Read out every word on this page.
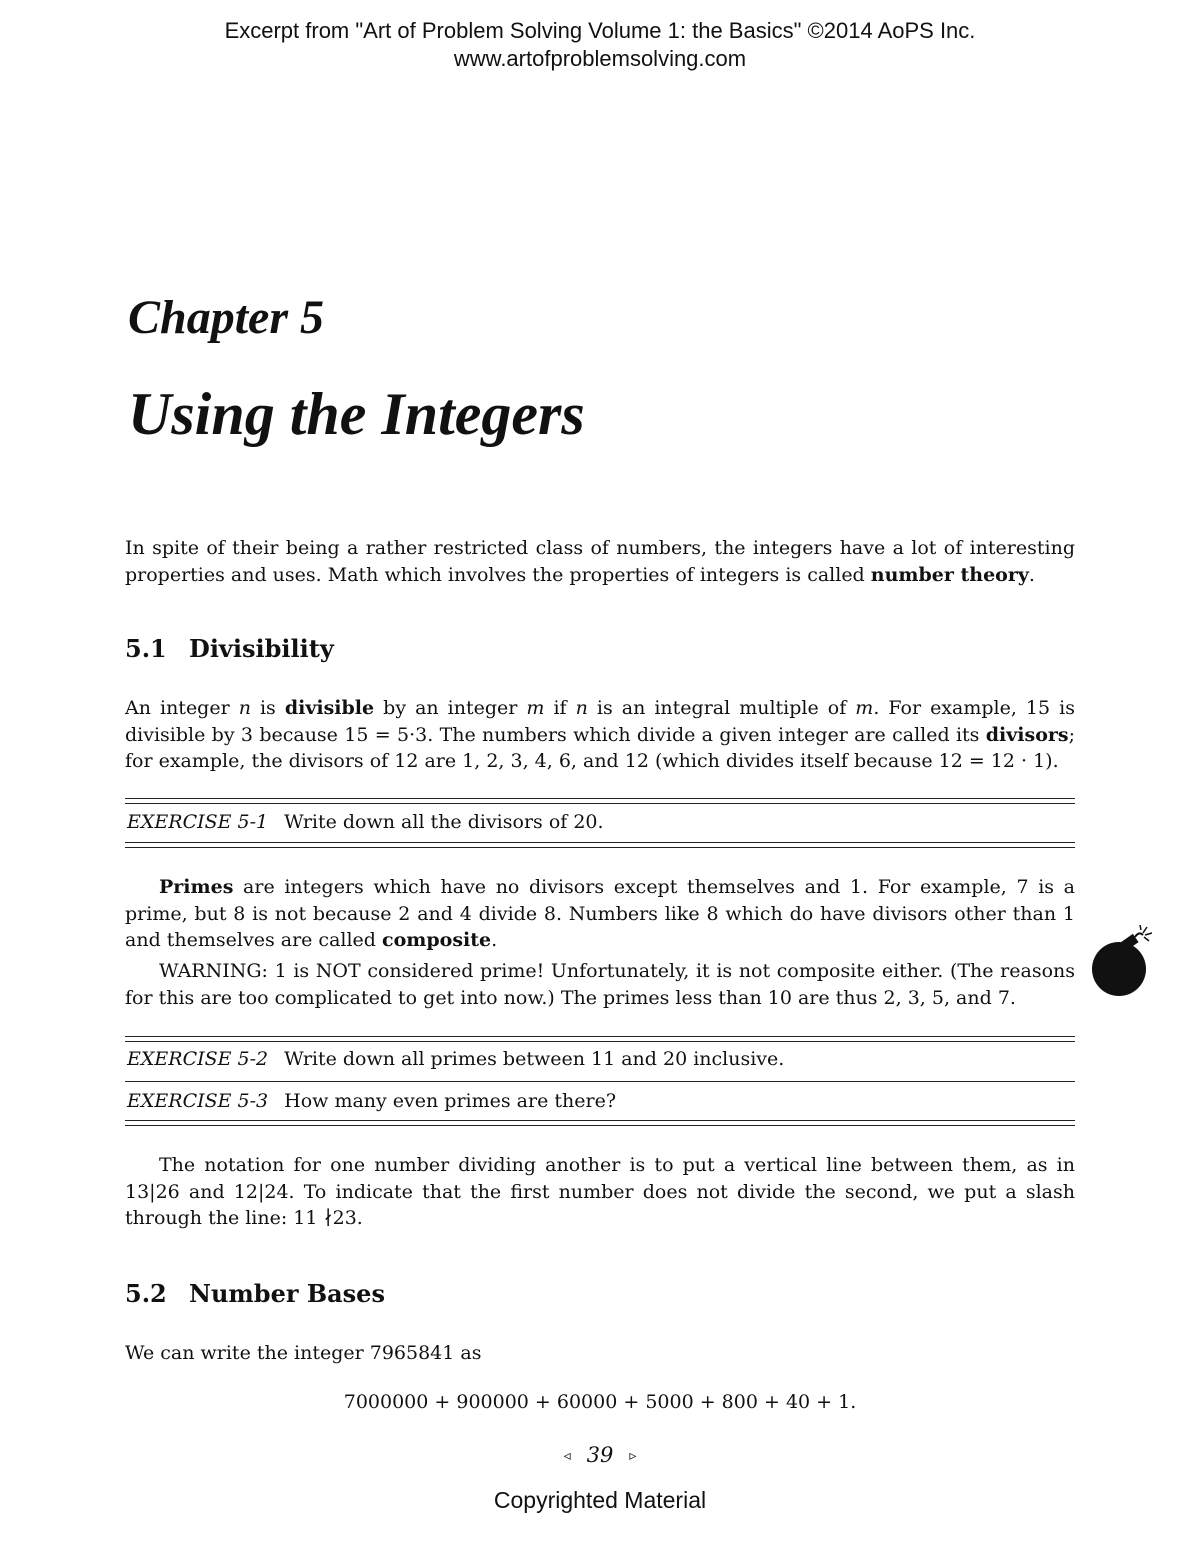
Excerpt from "Art of Problem Solving Volume 1: the Basics" ©2014 AoPS Inc.
www.artofproblemsolving.com
Chapter 5
Using the Integers
In spite of their being a rather restricted class of numbers, the integers have a lot of interesting properties and uses. Math which involves the properties of integers is called number theory.
5.1 Divisibility
An integer n is divisible by an integer m if n is an integral multiple of m. For example, 15 is divisible by 3 because 15 = 5·3. The numbers which divide a given integer are called its divisors; for example, the divisors of 12 are 1, 2, 3, 4, 6, and 12 (which divides itself because 12 = 12 · 1).
EXERCISE 5-1 Write down all the divisors of 20.
Primes are integers which have no divisors except themselves and 1. For example, 7 is a prime, but 8 is not because 2 and 4 divide 8. Numbers like 8 which do have divisors other than 1 and themselves are called composite.
WARNING: 1 is NOT considered prime! Unfortunately, it is not composite either. (The reasons for this are too complicated to get into now.) The primes less than 10 are thus 2, 3, 5, and 7.
EXERCISE 5-2 Write down all primes between 11 and 20 inclusive.
EXERCISE 5-3 How many even primes are there?
The notation for one number dividing another is to put a vertical line between them, as in 13|26 and 12|24. To indicate that the first number does not divide the second, we put a slash through the line: 11 ∤23.
5.2 Number Bases
We can write the integer 7965841 as
7000000 + 900000 + 60000 + 5000 + 800 + 40 + 1.
◃ 39 ▹
Copyrighted Material
